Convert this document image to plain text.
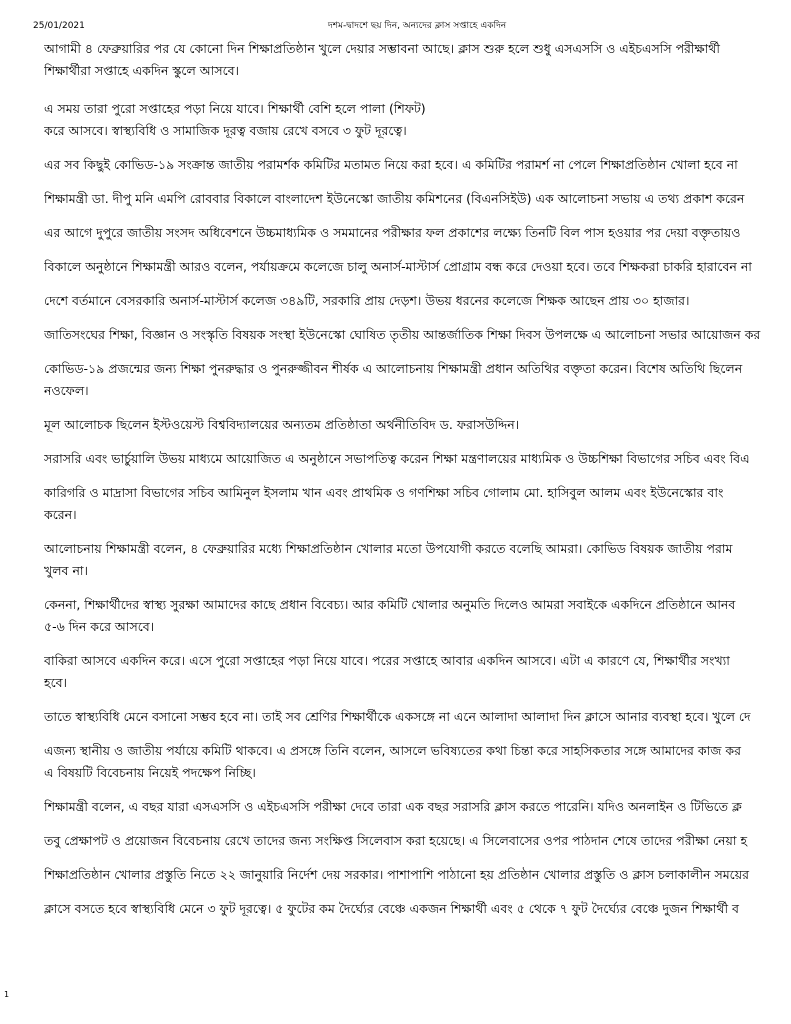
25/01/2021	দশম-দ্বাদশে ছয় দিন, অন্যদের ক্লাস সপ্তাহে একদিন

আগামী ৪ ফেব্রুয়ারির পর যে কোনো দিন শিক্ষাপ্রতিষ্ঠান খুলে দেয়ার সম্ভাবনা আছে। ক্লাস শুরু হলে শুধু এসএসসি ও এইচএসসি পরীক্ষার্থী
শিক্ষার্থীরা সপ্তাহে একদিন স্কুলে আসবে।

এ সময় তারা পুরো সপ্তাহের পড়া নিয়ে যাবে। শিক্ষার্থী বেশি হলে পালা (শিফট)
করে আসবে। স্বাস্থ্যবিধি ও সামাজিক দূরত্ব বজায় রেখে বসবে ৩ ফুট দূরত্বে।

এর সব কিছুই কোভিড-১৯ সংক্রান্ত জাতীয় পরামর্শক কমিটির মতামত নিয়ে করা হবে। এ কমিটির পরামর্শ না পেলে শিক্ষাপ্রতিষ্ঠান খোলা হবে না

শিক্ষামন্ত্রী ডা. দীপু মনি এমপি রোববার বিকালে বাংলাদেশ ইউনেস্কো জাতীয় কমিশনের (বিএনসিইউ) এক আলোচনা সভায় এ তথ্য প্রকাশ করেন

এর আগে দুপুরে জাতীয় সংসদ অধিবেশনে উচ্চমাধ্যমিক ও সমমানের পরীক্ষার ফল প্রকাশের লক্ষ্যে তিনটি বিল পাস হওয়ার পর দেয়া বক্তৃতায়ও

বিকালে অনুষ্ঠানে শিক্ষামন্ত্রী আরও বলেন, পর্যায়ক্রমে কলেজে চালু অনার্স-মাস্টার্স প্রোগ্রাম বন্ধ করে দেওয়া হবে। তবে শিক্ষকরা চাকরি হারাবেন না

দেশে বর্তমানে বেসরকারি অনার্স-মাস্টার্স কলেজ ৩৪৯টি, সরকারি প্রায় দেড়শ। উভয় ধরনের কলেজে শিক্ষক আছেন প্রায় ৩০ হাজার।

জাতিসংঘের শিক্ষা, বিজ্ঞান ও সংস্কৃতি বিষয়ক সংস্থা ইউনেস্কো ঘোষিত তৃতীয় আন্তর্জাতিক শিক্ষা দিবস উপলক্ষে এ আলোচনা সভার আয়োজন কর

কোভিড-১৯ প্রজন্মের জন্য শিক্ষা পুনরুদ্ধার ও পুনরুজ্জীবন শীর্ষক এ আলোচনায় শিক্ষামন্ত্রী প্রধান অতিথির বক্তৃতা করেন। বিশেষ অতিথি ছিলেন
নওফেল।

মূল আলোচক ছিলেন ইস্টওয়েস্ট বিশ্ববিদ্যালয়ের অন্যতম প্রতিষ্ঠাতা অর্থনীতিবিদ ড. ফরাসউদ্দিন।

সরাসরি এবং ভার্চুয়ালি উভয় মাধ্যমে আয়োজিত এ অনুষ্ঠানে সভাপতিত্ব করেন শিক্ষা মন্ত্রণালয়ের মাধ্যমিক ও উচ্চশিক্ষা বিভাগের সচিব এবং বিএ

কারিগরি ও মাদ্রাসা বিভাগের সচিব আমিনুল ইসলাম খান এবং প্রাথমিক ও গণশিক্ষা সচিব গোলাম মো. হাসিবুল আলম এবং ইউনেস্কোর বাং
করেন।

আলোচনায় শিক্ষামন্ত্রী বলেন, ৪ ফেব্রুয়ারির মধ্যে শিক্ষাপ্রতিষ্ঠান খোলার মতো উপযোগী করতে বলেছি আমরা। কোভিড বিষয়ক জাতীয় পরাম
খুলব না।

কেননা, শিক্ষার্থীদের স্বাস্থ্য সুরক্ষা আমাদের কাছে প্রধান বিবেচ্য। আর কমিটি খোলার অনুমতি দিলেও আমরা সবাইকে একদিনে প্রতিষ্ঠানে আনব
৫-৬ দিন করে আসবে।

বাকিরা আসবে একদিন করে। এসে পুরো সপ্তাহের পড়া নিয়ে যাবে। পরের সপ্তাহে আবার একদিন আসবে। এটা এ কারণে যে, শিক্ষার্থীর সংখ্যা
হবে।

তাতে স্বাস্থ্যবিধি মেনে বসানো সম্ভব হবে না। তাই সব শ্রেণির শিক্ষার্থীকে একসঙ্গে না এনে আলাদা আলাদা দিন ক্লাসে আনার ব্যবস্থা হবে। খুলে দে

এজন্য স্থানীয় ও জাতীয় পর্যায়ে কমিটি থাকবে। এ প্রসঙ্গে তিনি বলেন, আসলে ভবিষ্যতের কথা চিন্তা করে সাহসিকতার সঙ্গে আমাদের কাজ কর
এ বিষয়টি বিবেচনায় নিয়েই পদক্ষেপ নিচ্ছি।

শিক্ষামন্ত্রী বলেন, এ বছর যারা এসএসসি ও এইচএসসি পরীক্ষা দেবে তারা এক বছর সরাসরি ক্লাস করতে পারেনি। যদিও অনলাইন ও টিভিতে ক্ল

তবু প্রেক্ষাপট ও প্রয়োজন বিবেচনায় রেখে তাদের জন্য সংক্ষিপ্ত সিলেবাস করা হয়েছে। এ সিলেবাসের ওপর পাঠদান শেষে তাদের পরীক্ষা নেয়া হ

শিক্ষাপ্রতিষ্ঠান খোলার প্রস্তুতি নিতে ২২ জানুয়ারি নির্দেশ দেয় সরকার। পাশাপাশি পাঠানো হয় প্রতিষ্ঠান খোলার প্রস্তুতি ও ক্লাস চলাকালীন সময়ের

ক্লাসে বসতে হবে স্বাস্থ্যবিধি মেনে ৩ ফুট দূরত্বে। ৫ ফুটের কম দৈর্ঘ্যের বেঞ্চে একজন শিক্ষার্থী এবং ৫ থেকে ৭ ফুট দৈর্ঘ্যের বেঞ্চে দুজন শিক্ষার্থী ব

1
